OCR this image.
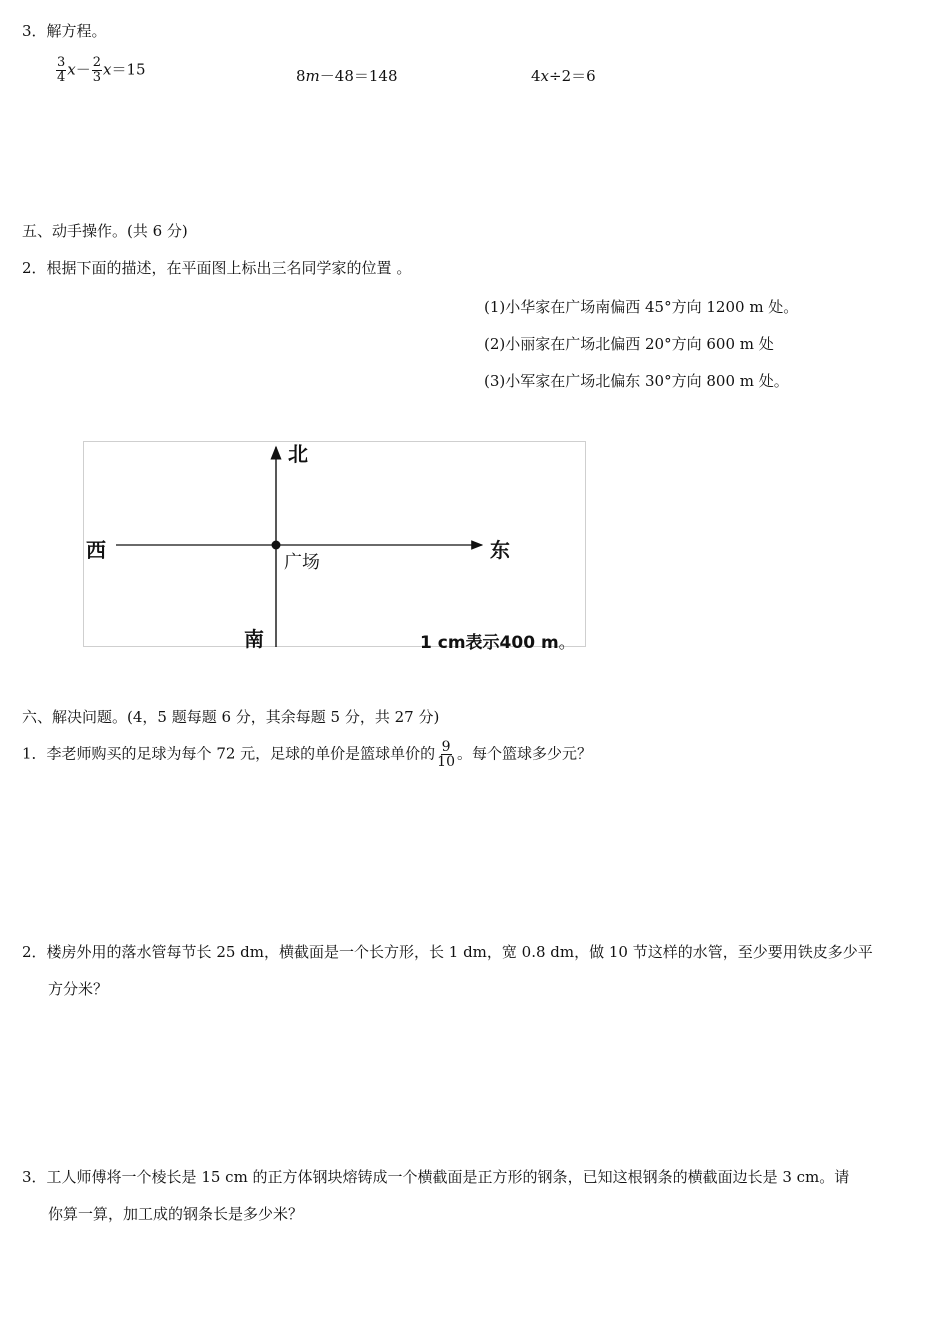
3．解方程。
$\frac{3}{4} x- \frac{2}{3} x=15$	8m－48＝148	4x÷2＝6
五、动手操作。(共 6 分)
2．根据下面的描述，在平面图上标出三名同学家的位置 。
(1)小华家在广场南偏西 45°方向 1200 m 处。
(2)小丽家在广场北偏西 20°方向 600 m 处
(3)小军家在广场北偏东 30°方向 800 m 处。
北
西	东
南
广场
1 cm表示400 m。
六、解决问题。(4，5 题每题 6 分，其余每题 5 分，共 27 分)
1．李老师购买的足球为每个 72 元，足球的单价是篮球单价的 $\frac{9}{10}$ 。每个篮球多少元？
2．楼房外用的落水管每节长 25 dm，横截面是一个长方形，长 1 dm，宽 0.8 dm，做 10 节这样的水管，至少要用铁皮多少平
方分米？
3．工人师傅将一个棱长是 15 cm 的正方体钢块熔铸成一个横截面是正方形的钢条，已知这根钢条的横截面边长是 3 cm。请
你算一算，加工成的钢条长是多少米？
